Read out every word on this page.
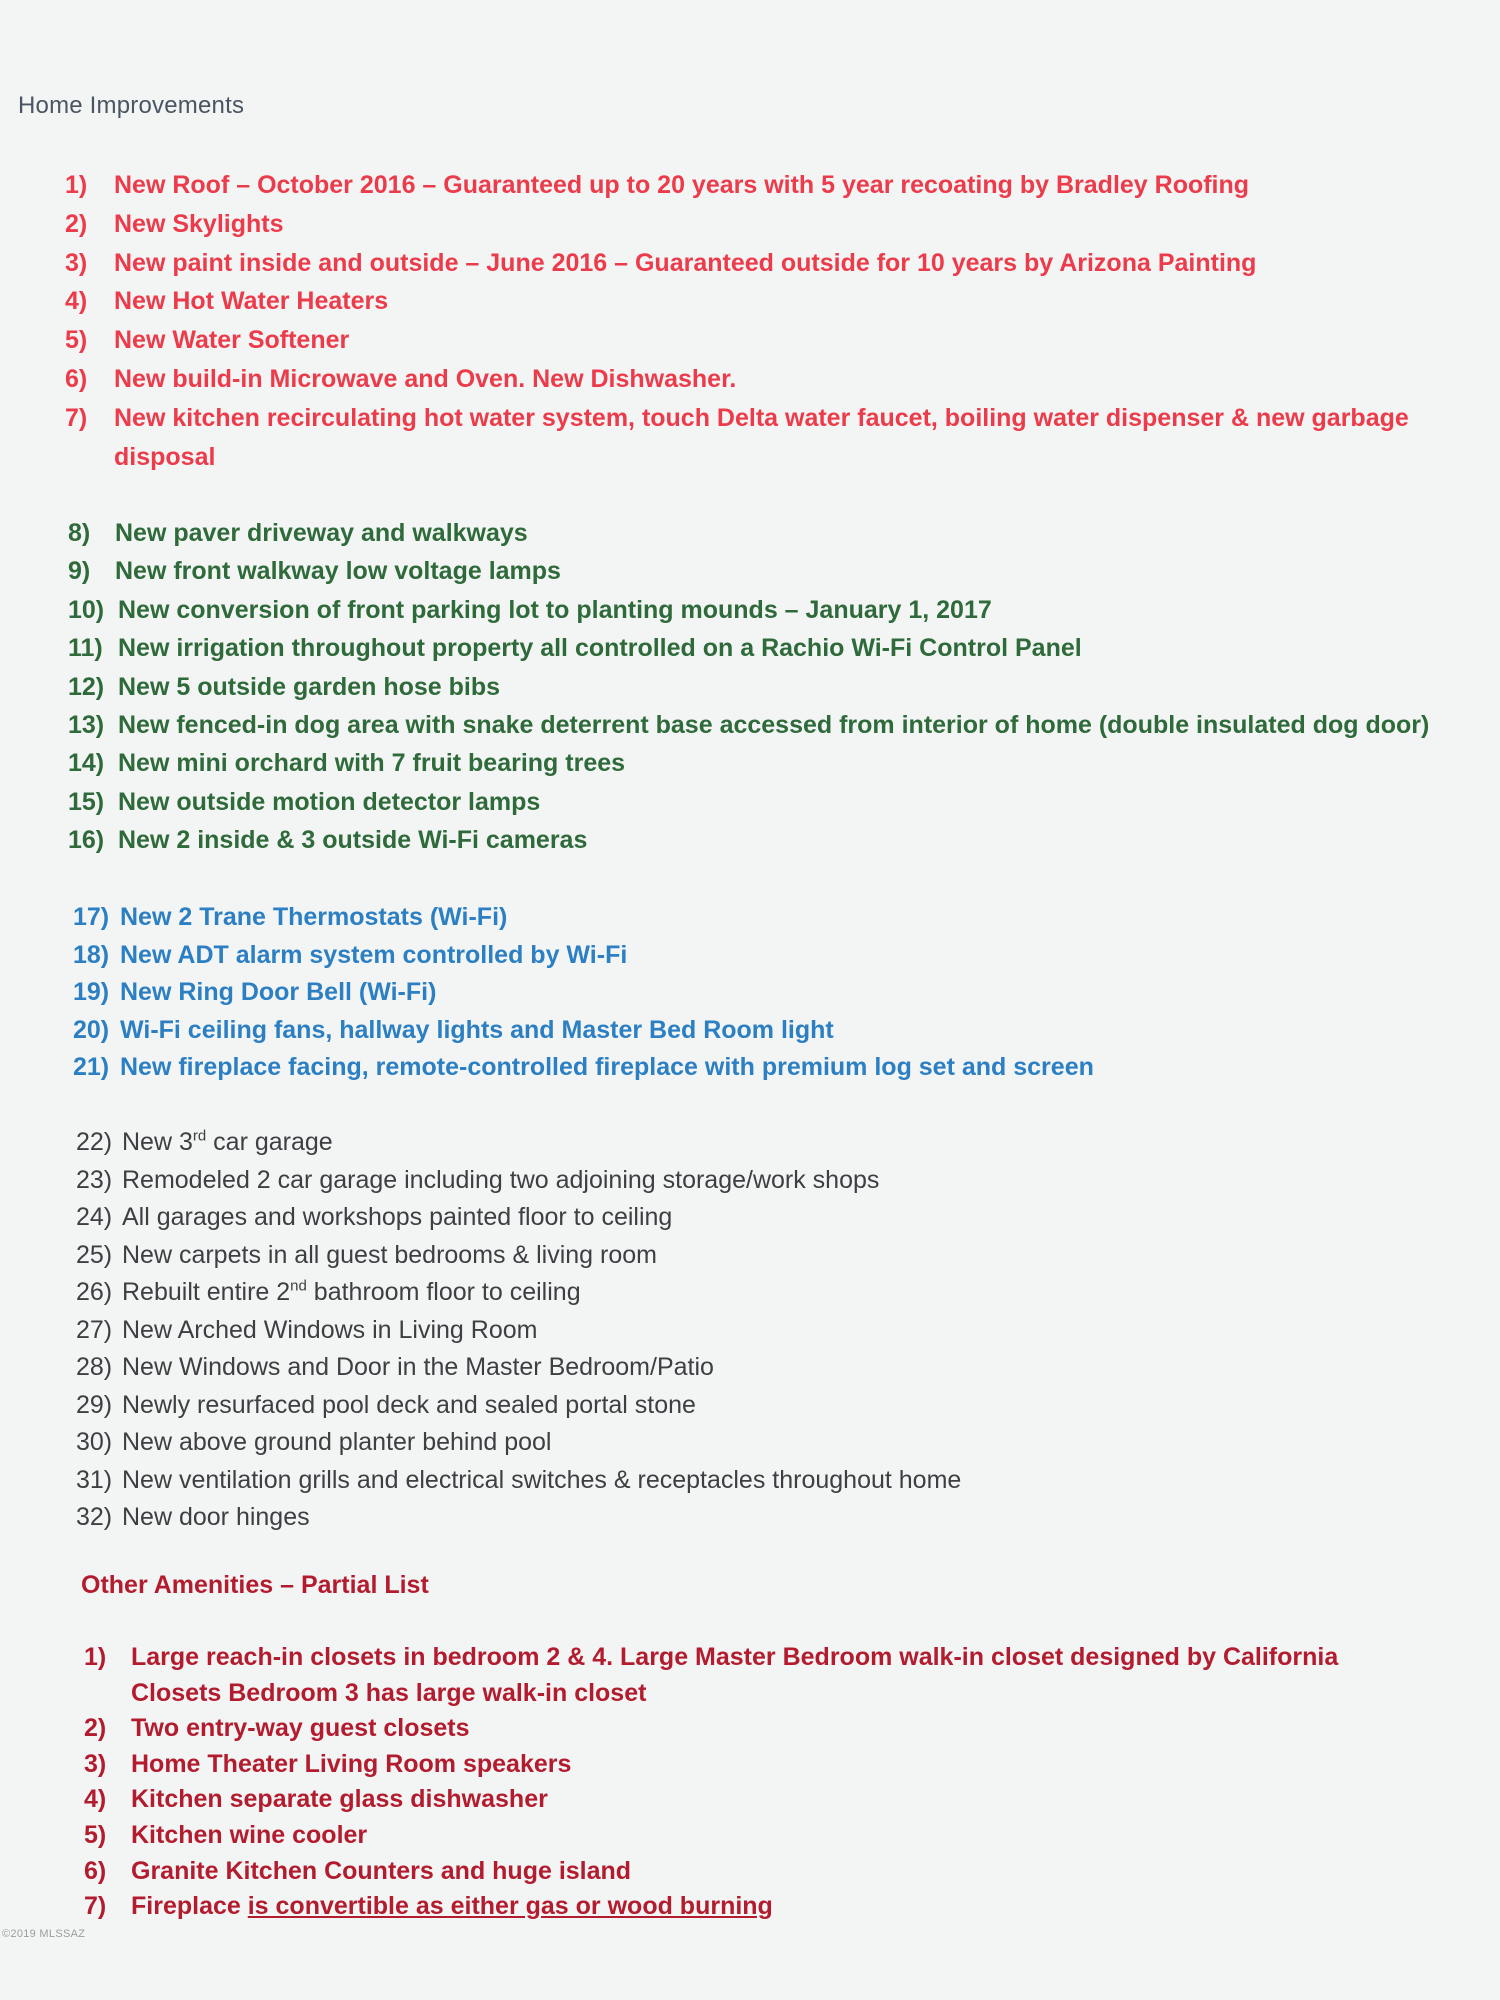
Home Improvements
1) New Roof – October 2016 – Guaranteed up to 20 years with 5 year recoating by Bradley Roofing
2) New Skylights
3) New paint inside and outside – June 2016 – Guaranteed outside for 10 years by Arizona Painting
4) New Hot Water Heaters
5) New Water Softener
6) New build-in Microwave and Oven. New Dishwasher.
7) New kitchen recirculating hot water system, touch Delta water faucet, boiling water dispenser & new garbage disposal
8) New paver driveway and walkways
9) New front walkway low voltage lamps
10) New conversion of front parking lot to planting mounds – January 1, 2017
11) New irrigation throughout property all controlled on a Rachio Wi-Fi Control Panel
12) New 5 outside garden hose bibs
13) New fenced-in dog area with snake deterrent base accessed from interior of home (double insulated dog door)
14) New mini orchard with 7 fruit bearing trees
15) New outside motion detector lamps
16) New 2 inside & 3 outside Wi-Fi cameras
17) New 2 Trane Thermostats (Wi-Fi)
18) New ADT alarm system controlled by Wi-Fi
19) New Ring Door Bell (Wi-Fi)
20) Wi-Fi ceiling fans, hallway lights and Master Bed Room light
21) New fireplace facing, remote-controlled fireplace with premium log set and screen
22) New 3rd car garage
23) Remodeled 2 car garage including two adjoining storage/work shops
24) All garages and workshops painted floor to ceiling
25) New carpets in all guest bedrooms & living room
26) Rebuilt entire 2nd bathroom floor to ceiling
27) New Arched Windows in Living Room
28) New Windows and Door in the Master Bedroom/Patio
29) Newly resurfaced pool deck and sealed portal stone
30) New above ground planter behind pool
31) New ventilation grills and electrical switches & receptacles throughout home
32) New door hinges
Other Amenities – Partial List
1) Large reach-in closets in bedroom 2 & 4. Large Master Bedroom walk-in closet designed by California Closets Bedroom 3 has large walk-in closet
2) Two entry-way guest closets
3) Home Theater Living Room speakers
4) Kitchen separate glass dishwasher
5) Kitchen wine cooler
6) Granite Kitchen Counters and huge island
7) Fireplace is convertible as either gas or wood burning
©2019 MLSSAZ
